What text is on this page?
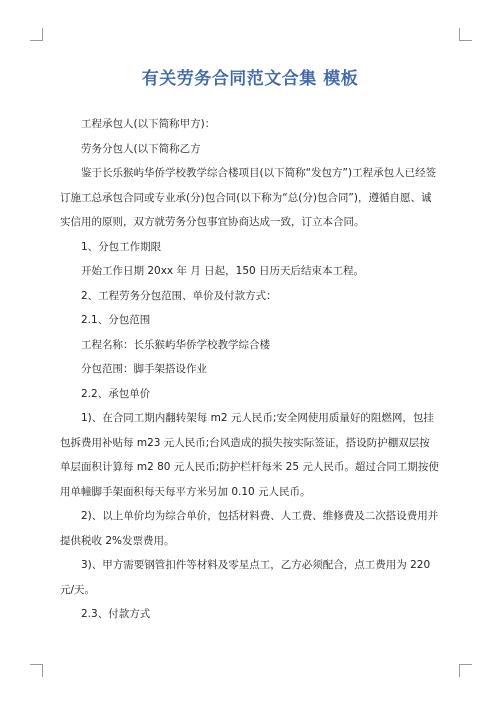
有关劳务合同范文合集 模板

工程承包人(以下简称甲方)：

劳务分包人(以下简称乙方

鉴于长乐猴屿华侨学校教学综合楼项目(以下简称“发包方”)工程承包人已经签订施工总承包合同或专业承(分)包合同(以下称为“总(分)包合同”)，遵循自愿、诚实信用的原则，双方就劳务分包事宜协商达成一致，订立本合同。

1、分包工作期限

开始工作日期 20xx 年 月 日起，150 日历天后结束本工程。

2、工程劳务分包范围、单价及付款方式：

2.1、分包范围

工程名称：长乐猴屿华侨学校教学综合楼

分包范围：脚手架搭设作业

2.2、承包单价

1)、在合同工期内翻转架每 m2 元人民币;安全网使用质量好的阻燃网，包挂包拆费用补贴每 m23 元人民币;台风造成的损失按实际签证，搭设防护棚双层按单层面积计算每 m2 80 元人民币;防护栏杆每米 25 元人民币。超过合同工期按使用单幢脚手架面积每天每平方米另加 0.10 元人民币。

2)、以上单价均为综合单价，包括材料费、人工费、维修费及二次搭设费用并提供税收 2%发票费用。

3)、甲方需要钢管扣件等材料及零星点工，乙方必须配合，点工费用为 220 元/天。

2.3、付款方式
